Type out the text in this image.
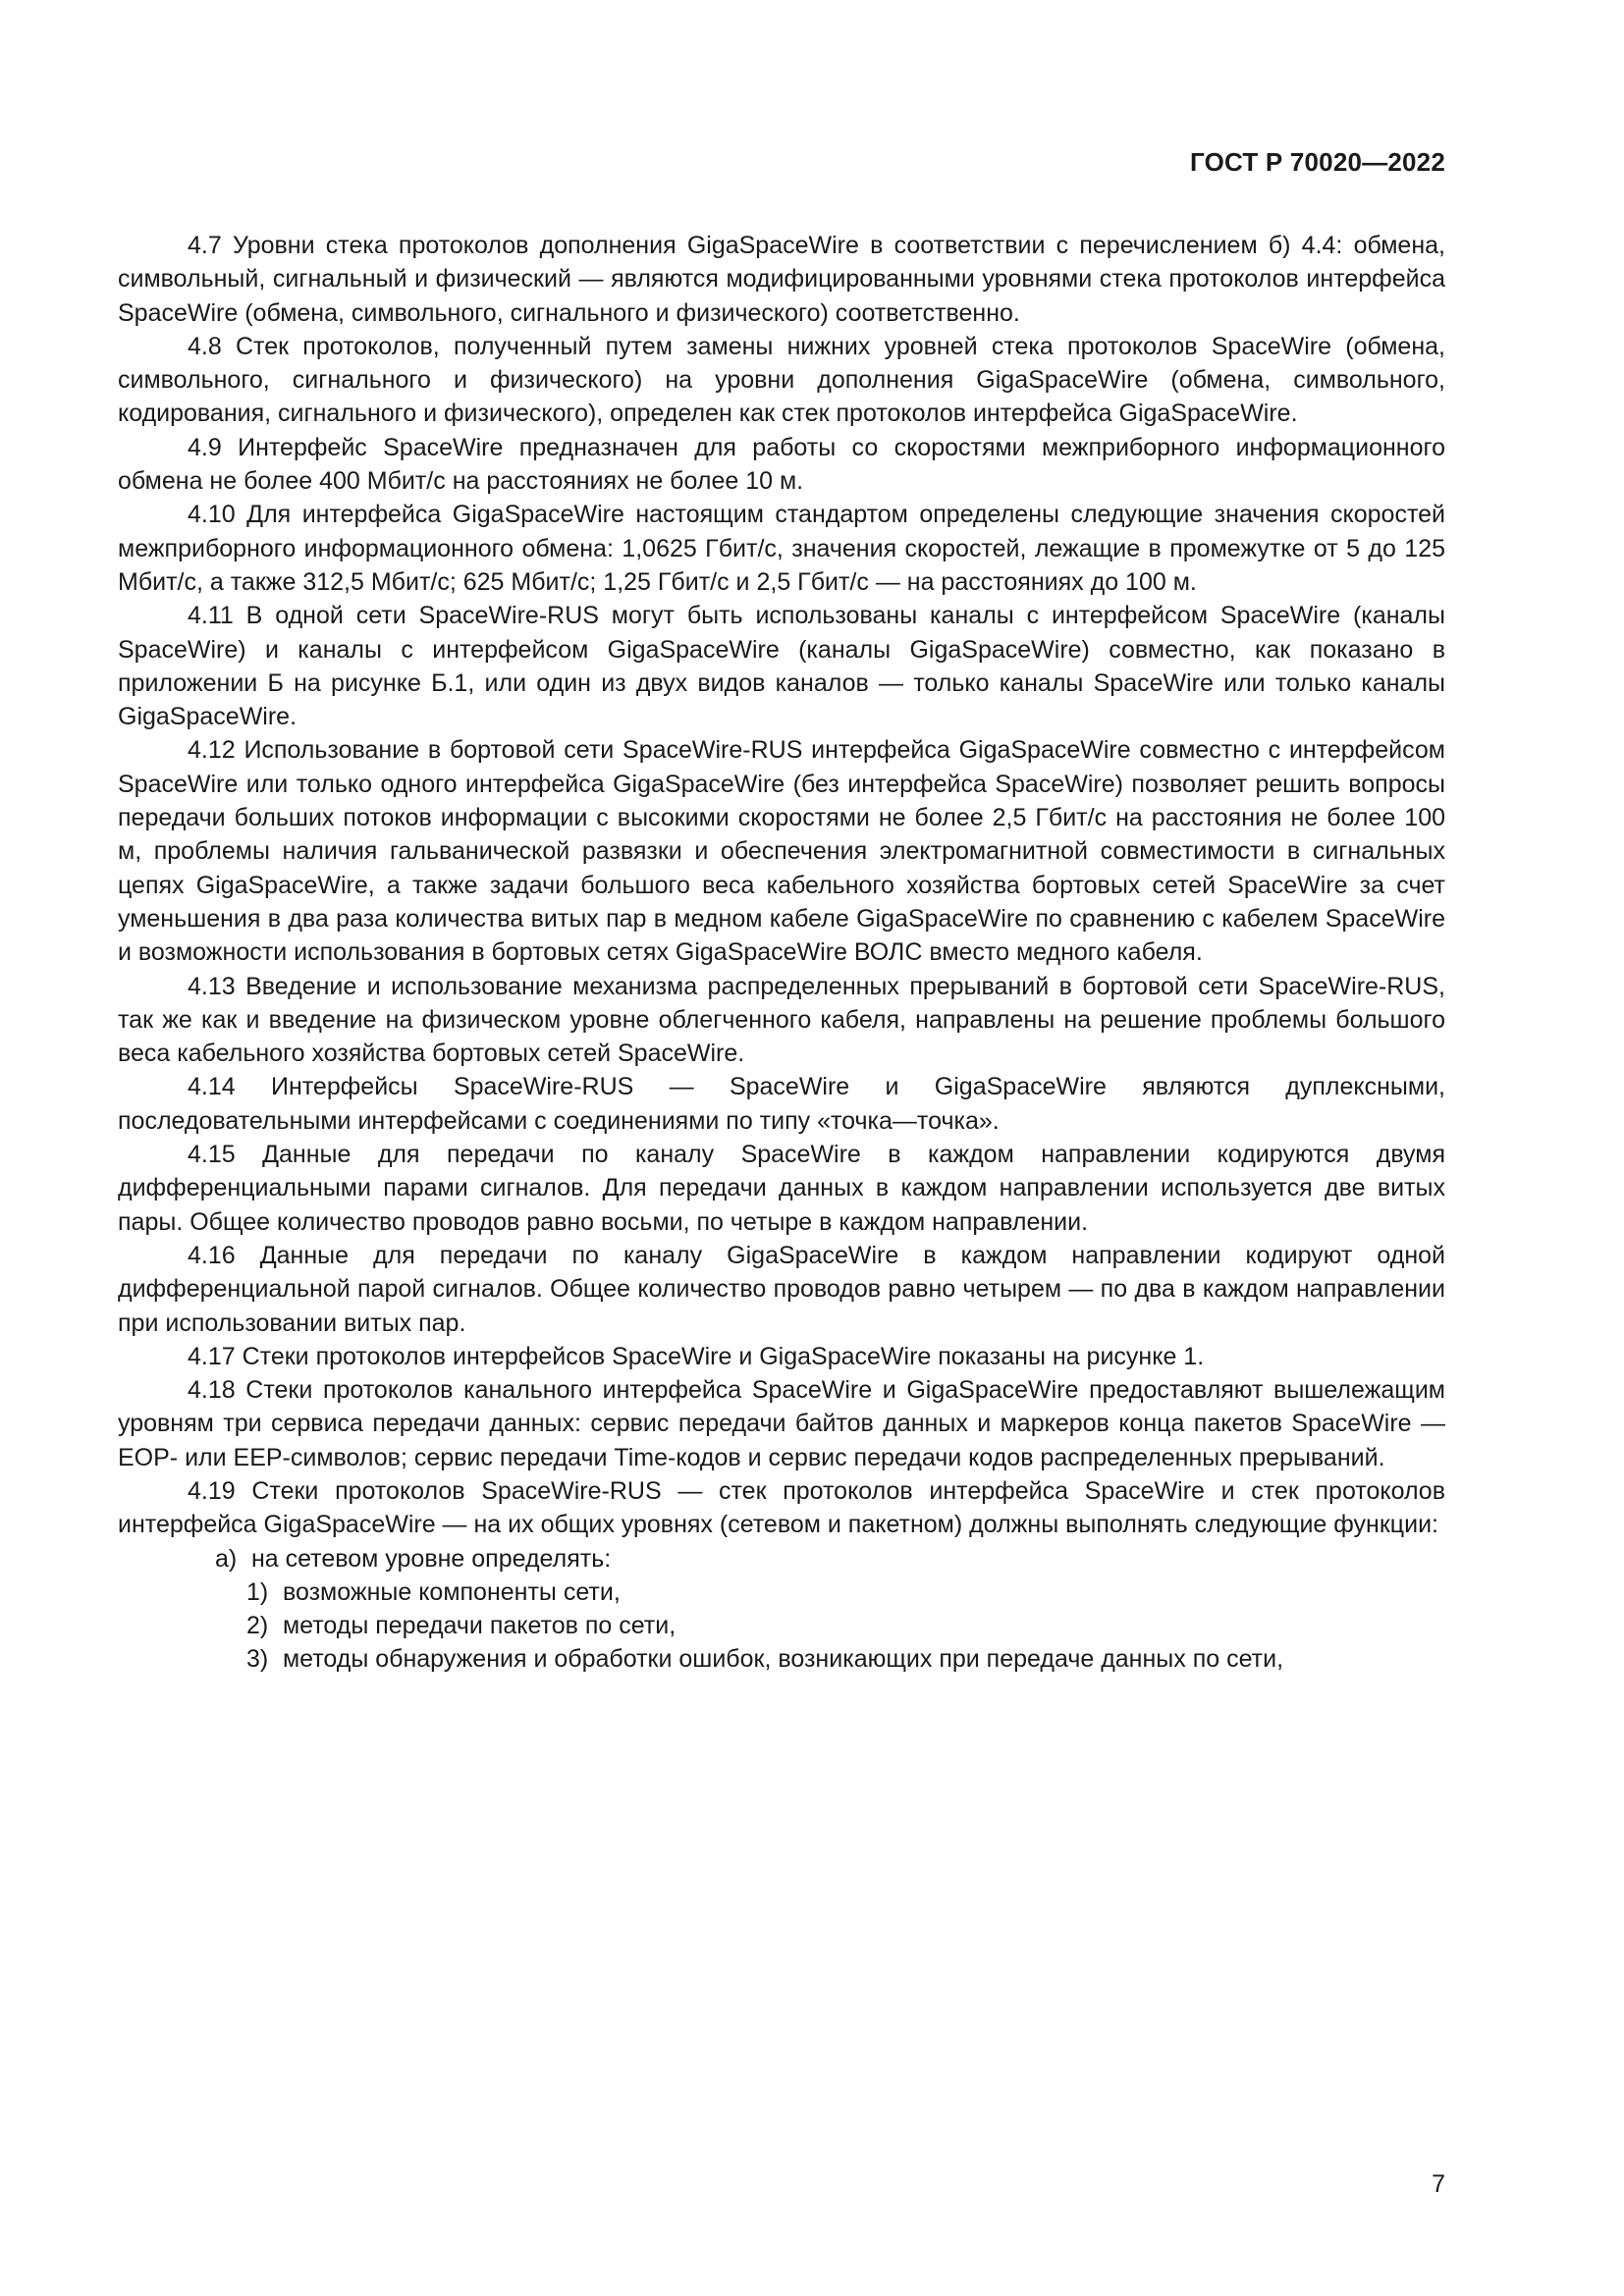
ГОСТ Р 70020—2022

4.7 Уровни стека протоколов дополнения GigaSpaceWire в соответствии с перечислением б) 4.4: обмена, символьный, сигнальный и физический — являются модифицированными уровнями стека протоколов интерфейса SpaceWire (обмена, символьного, сигнального и физического) соответственно.

4.8 Стек протоколов, полученный путем замены нижних уровней стека протоколов SpaceWire (обмена, символьного, сигнального и физического) на уровни дополнения GigaSpaceWire (обмена, символьного, кодирования, сигнального и физического), определен как стек протоколов интерфейса GigaSpaceWire.

4.9 Интерфейс SpaceWire предназначен для работы со скоростями межприборного информационного обмена не более 400 Мбит/с на расстояниях не более 10 м.

4.10 Для интерфейса GigaSpaceWire настоящим стандартом определены следующие значения скоростей межприборного информационного обмена: 1,0625 Гбит/с, значения скоростей, лежащие в промежутке от 5 до 125 Мбит/с, а также 312,5 Мбит/с; 625 Мбит/с; 1,25 Гбит/с и 2,5 Гбит/с — на расстояниях до 100 м.

4.11 В одной сети SpaceWire-RUS могут быть использованы каналы с интерфейсом SpaceWire (каналы SpaceWire) и каналы с интерфейсом GigaSpaceWire (каналы GigaSpaceWire) совместно, как показано в приложении Б на рисунке Б.1, или один из двух видов каналов — только каналы SpaceWire или только каналы GigaSpaceWire.

4.12 Использование в бортовой сети SpaceWire-RUS интерфейса GigaSpaceWire совместно с интерфейсом SpaceWire или только одного интерфейса GigaSpaceWire (без интерфейса SpaceWire) позволяет решить вопросы передачи больших потоков информации с высокими скоростями не более 2,5 Гбит/с на расстояния не более 100 м, проблемы наличия гальванической развязки и обеспечения электромагнитной совместимости в сигнальных цепях GigaSpaceWire, а также задачи большого веса кабельного хозяйства бортовых сетей SpaceWire за счет уменьшения в два раза количества витых пар в медном кабеле GigaSpaceWire по сравнению с кабелем SpaceWire и возможности использования в бортовых сетях GigaSpaceWire ВОЛС вместо медного кабеля.

4.13 Введение и использование механизма распределенных прерываний в бортовой сети SpaceWire-RUS, так же как и введение на физическом уровне облегченного кабеля, направлены на решение проблемы большого веса кабельного хозяйства бортовых сетей SpaceWire.

4.14 Интерфейсы SpaceWire-RUS — SpaceWire и GigaSpaceWire являются дуплексными, последовательными интерфейсами с соединениями по типу «точка—точка».

4.15 Данные для передачи по каналу SpaceWire в каждом направлении кодируются двумя дифференциальными парами сигналов. Для передачи данных в каждом направлении используется две витых пары. Общее количество проводов равно восьми, по четыре в каждом направлении.

4.16 Данные для передачи по каналу GigaSpaceWire в каждом направлении кодируют одной дифференциальной парой сигналов. Общее количество проводов равно четырем — по два в каждом направлении при использовании витых пар.

4.17 Стеки протоколов интерфейсов SpaceWire и GigaSpaceWire показаны на рисунке 1.

4.18 Стеки протоколов канального интерфейса SpaceWire и GigaSpaceWire предоставляют вышележащим уровням три сервиса передачи данных: сервис передачи байтов данных и маркеров конца пакетов SpaceWire — EOP- или EEP-символов; сервис передачи Time-кодов и сервис передачи кодов распределенных прерываний.

4.19 Стеки протоколов SpaceWire-RUS — стек протоколов интерфейса SpaceWire и стек протоколов интерфейса GigaSpaceWire — на их общих уровнях (сетевом и пакетном) должны выполнять следующие функции:

а) на сетевом уровне определять:
1) возможные компоненты сети,
2) методы передачи пакетов по сети,
3) методы обнаружения и обработки ошибок, возникающих при передаче данных по сети,
7
